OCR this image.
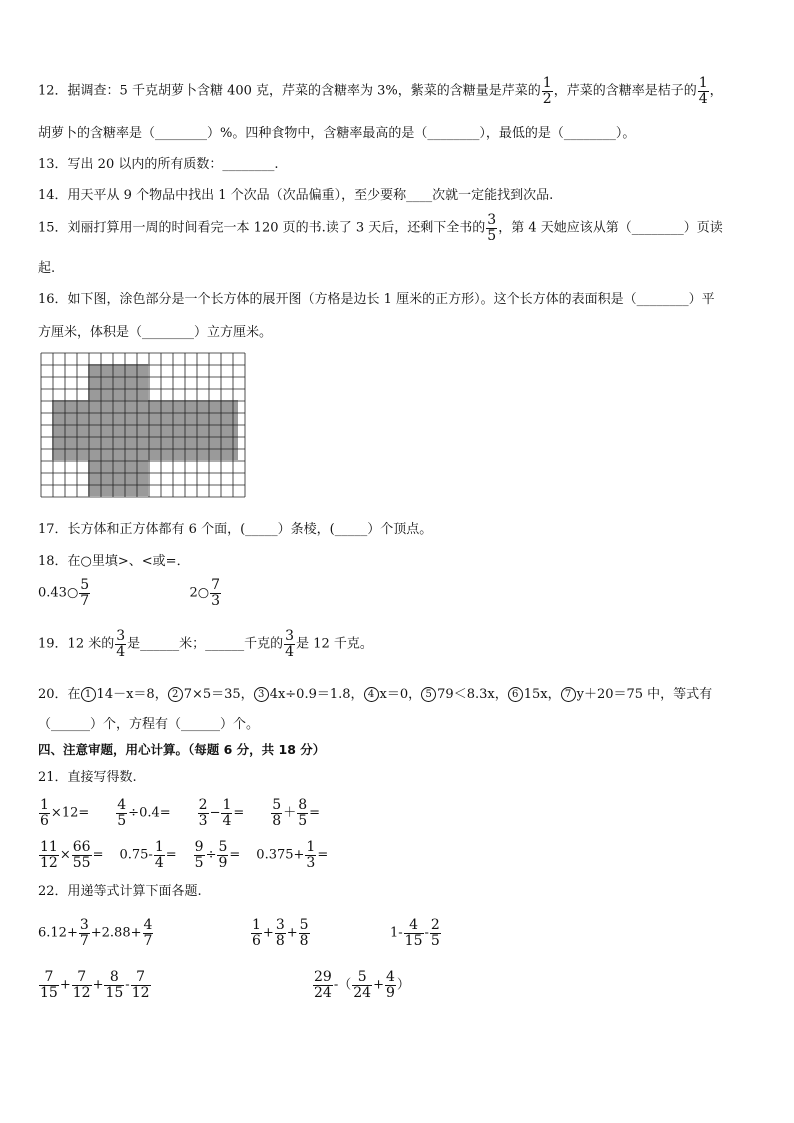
12．据调查：5 千克胡萝卜含糖 400 克，芹菜的含糖率为 3%，紫菜的含糖量是芹菜的 $\frac{1}{2}$ ，芹菜的含糖率是桔子的 $\frac{1}{4}$ ，
胡萝卜的含糖率是（________）%。四种食物中，含糖率最高的是（________），最低的是（________）。
13．写出 20 以内的所有质数：________.
14．用天平从 9 个物品中找出 1 个次品（次品偏重），至少要称____次就一定能找到次品.
15．刘丽打算用一周的时间看完一本 120 页的书.读了 3 天后，还剩下全书的 $\frac{3}{5}$ ，第 4 天她应该从第（________）页读
起.
16．如下图，涂色部分是一个长方体的展开图（方格是边长 1 厘米的正方形）。这个长方体的表面积是（________）平
方厘米，体积是（________）立方厘米。
17．长方体和正方体都有 6 个面，(_____）条棱，(_____）个顶点。
18．在○里填>、<或=．
0.43○ $\frac{5}{7}$	2○ $\frac{7}{3}$
19．12 米的 $\frac{3}{4}$ 是______米；______千克的 $\frac{3}{4}$ 是 12 千克。
20．在 1 14－x＝8， 2 7×5＝35， 3 4x÷0.9＝1.8， 4 x＝0， 5 79＜8.3x， 6 15x， 7 y＋20＝75 中，等式有
（______）个，方程有（______）个。
四、注意审题，用心计算。（每题 6 分，共 18 分）
21．直接写得数.
$\frac{1}{6} \times 12= \frac{4}{5} \div 0.4= \frac{2}{3} - \frac{1}{4} = \frac{5}{8} + \frac{8}{5}$ =
$\frac{11}{12} \times \frac{66}{55} = 0.75- \frac{1}{4} = \frac{9}{5} \div \frac{5}{9} = 0.375+ \frac{1}{3}$ =
22．用递等式计算下面各题.
$6.12+ \frac{3}{7} +2.88+ \frac{4}{7}$	$\frac{1}{6} + \frac{3}{8} + \frac{5}{8}$	$1- \frac{4}{15} - \frac{2}{5}$
$\frac{7}{15} + \frac{7}{12} + \frac{8}{15} - \frac{7}{12}$	$\frac{29}{24}$ -（ $\frac{5}{24} + \frac{4}{9}$ ）
